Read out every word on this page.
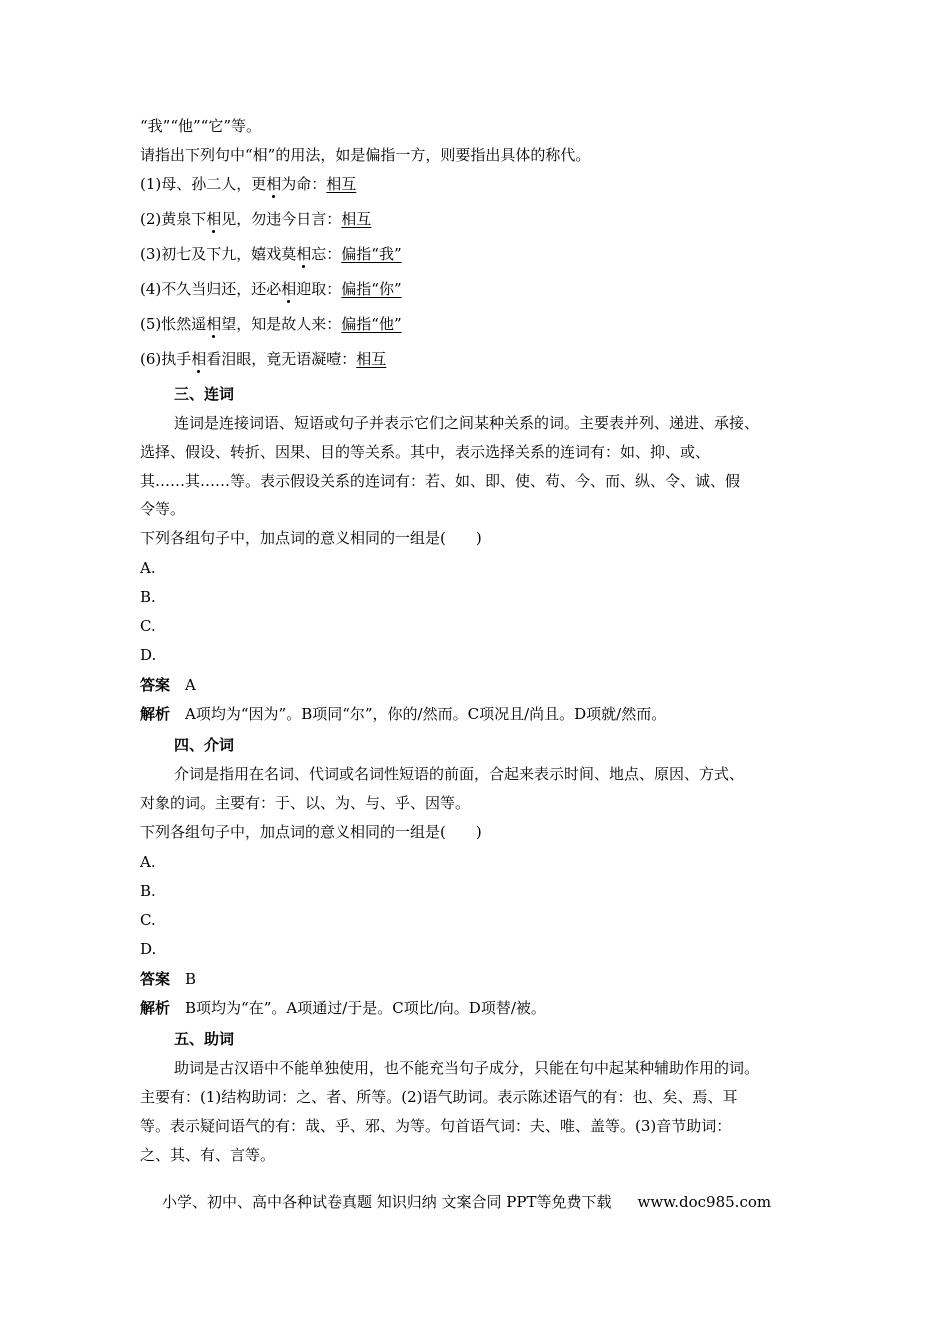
“我”“他”“它”等。
请指出下列句中“相”的用法，如是偏指一方，则要指出具体的称代。
(1)母、孙二人，更相为命：相互
(2)黄泉下相见，勿违今日言：相互
(3)初七及下九，嬉戏莫相忘：偏指“我”
(4)不久当归还，还必相迎取：偏指“你”
(5)怅然遥相望，知是故人来：偏指“他”
(6)执手相看泪眼，竟无语凝噎：相互
三、连词
连词是连接词语、短语或句子并表示它们之间某种关系的词。主要表并列、递进、承接、
选择、假设、转折、因果、目的等关系。其中，表示选择关系的连词有：如、抑、或、
其……其……等。表示假设关系的连词有：若、如、即、使、苟、今、而、纵、令、诚、假
令等。
下列各组句子中，加点词的意义相同的一组是(　　)
A.
B.
C.
D.
答案　 A
解析　 A项均为“因为”。B项同“尔”，你的/然而。C项况且/尚且。D项就/然而。
四、介词
介词是指用在名词、代词或名词性短语的前面，合起来表示时间、地点、原因、方式、
对象的词。主要有：于、以、为、与、乎、因等。
下列各组句子中，加点词的意义相同的一组是(　　)
A.
B.
C.
D.
答案　 B
解析　 B项均为“在”。A项通过/于是。C项比/向。D项替/被。
五、助词
助词是古汉语中不能单独使用，也不能充当句子成分，只能在句中起某种辅助作用的词。
主要有：(1)结构助词：之、者、所等。(2)语气助词。表示陈述语气的有：也、矣、焉、耳
等。表示疑问语气的有：哉、乎、邪、为等。句首语气词：夫、唯、盖等。(3)音节助词：
之、其、有、言等。
小学、初中、高中各种试卷真题 知识归纳 文案合同 PPT等免费下载 www.doc985.com
